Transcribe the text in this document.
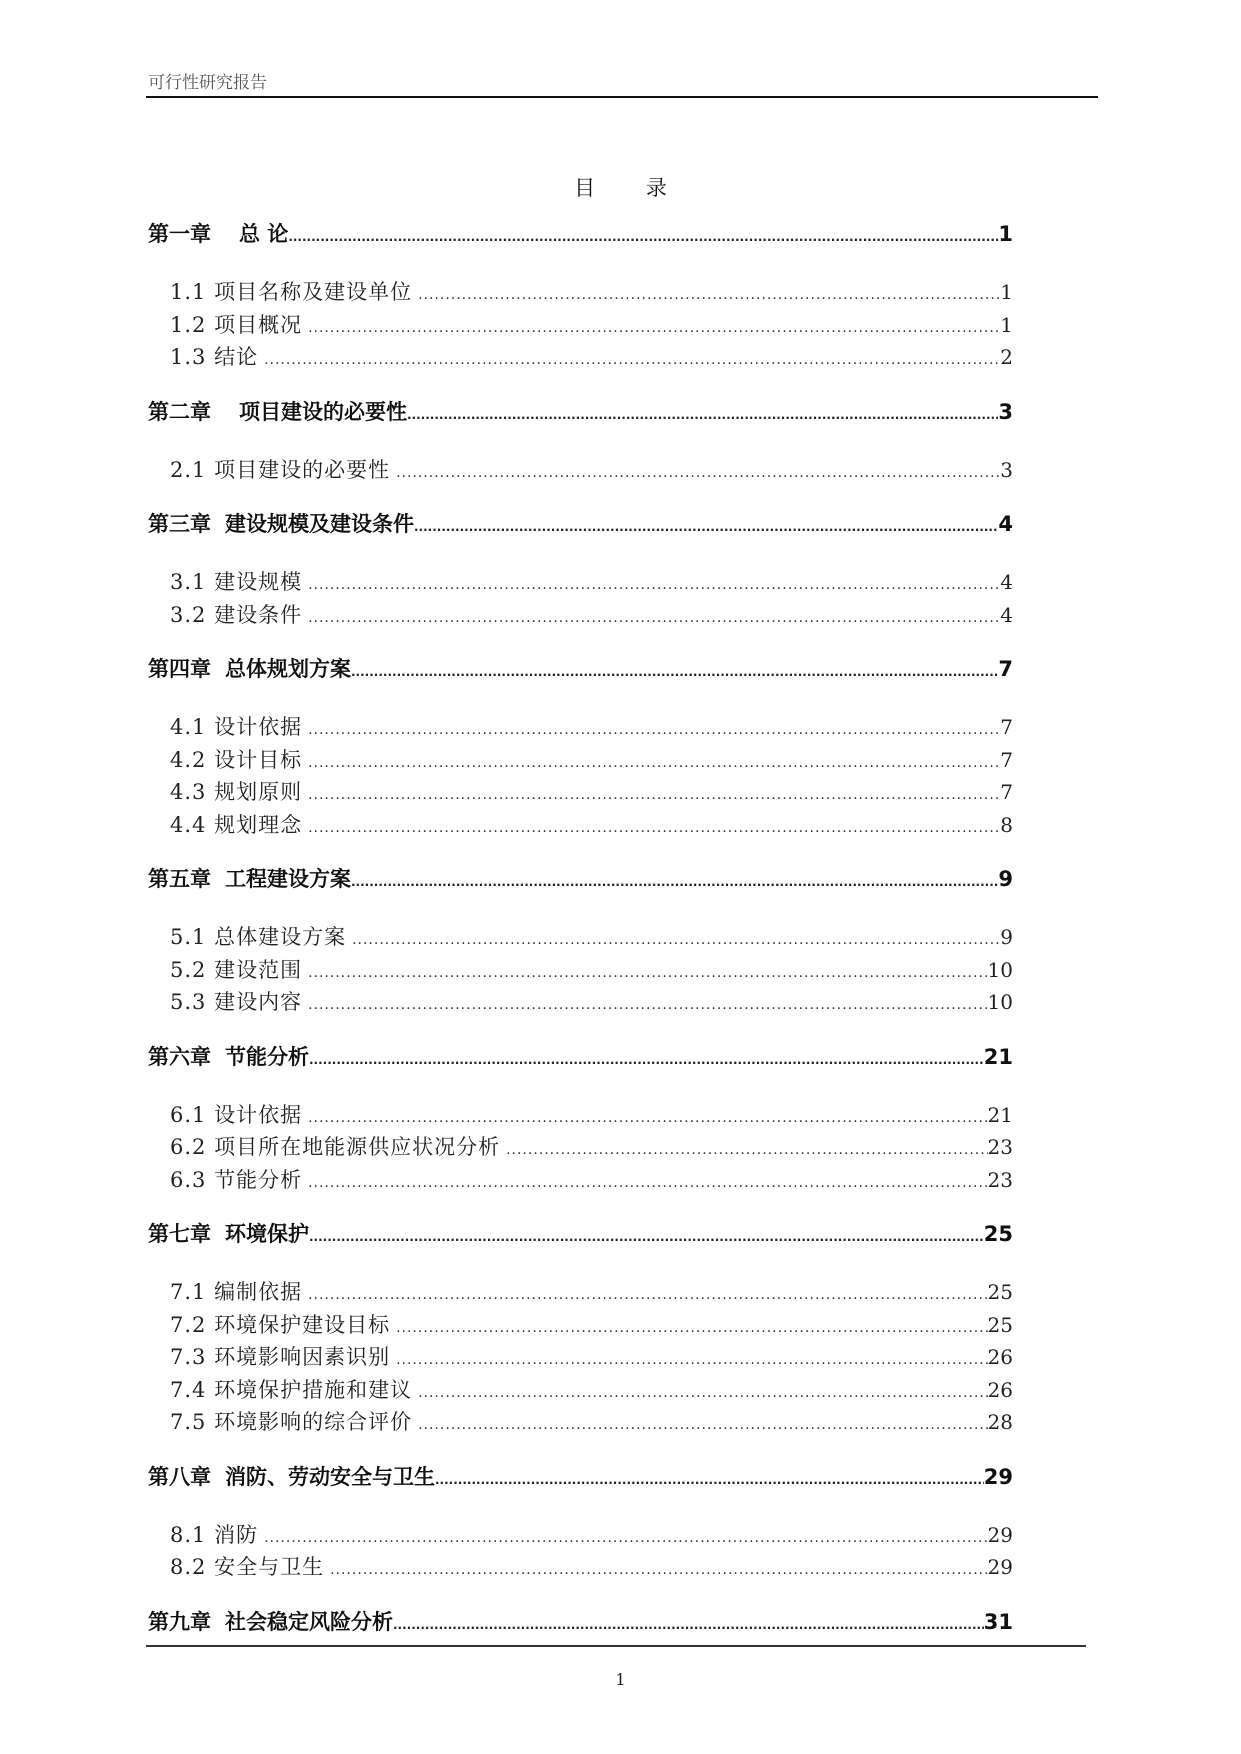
可行性研究报告
目 录
第一章 总 论 .....	1
1.1 项目名称及建设单位 .....	1
1.2 项目概况 .....	1
1.3 结论 .....	2
第二章 项目建设的必要性 .....	3
2.1 项目建设的必要性 .....	3
第三章 建设规模及建设条件 .....	4
3.1 建设规模 .....	4
3.2 建设条件 .....	4
第四章 总体规划方案 .....	7
4.1 设计依据 .....	7
4.2 设计目标 .....	7
4.3 规划原则 .....	7
4.4 规划理念 .....	8
第五章 工程建设方案 .....	9
5.1 总体建设方案 .....	9
5.2 建设范围 .....	10
5.3 建设内容 .....	10
第六章 节能分析 .....	21
6.1 设计依据 .....	21
6.2 项目所在地能源供应状况分析 .....	23
6.3 节能分析 .....	23
第七章 环境保护 .....	25
7.1 编制依据 .....	25
7.2 环境保护建设目标 .....	25
7.3 环境影响因素识别 .....	26
7.4 环境保护措施和建议 .....	26
7.5 环境影响的综合评价 .....	28
第八章 消防、劳动安全与卫生 .....	29
8.1 消防 .....	29
8.2 安全与卫生 .....	29
第九章 社会稳定风险分析 .....	31
1
